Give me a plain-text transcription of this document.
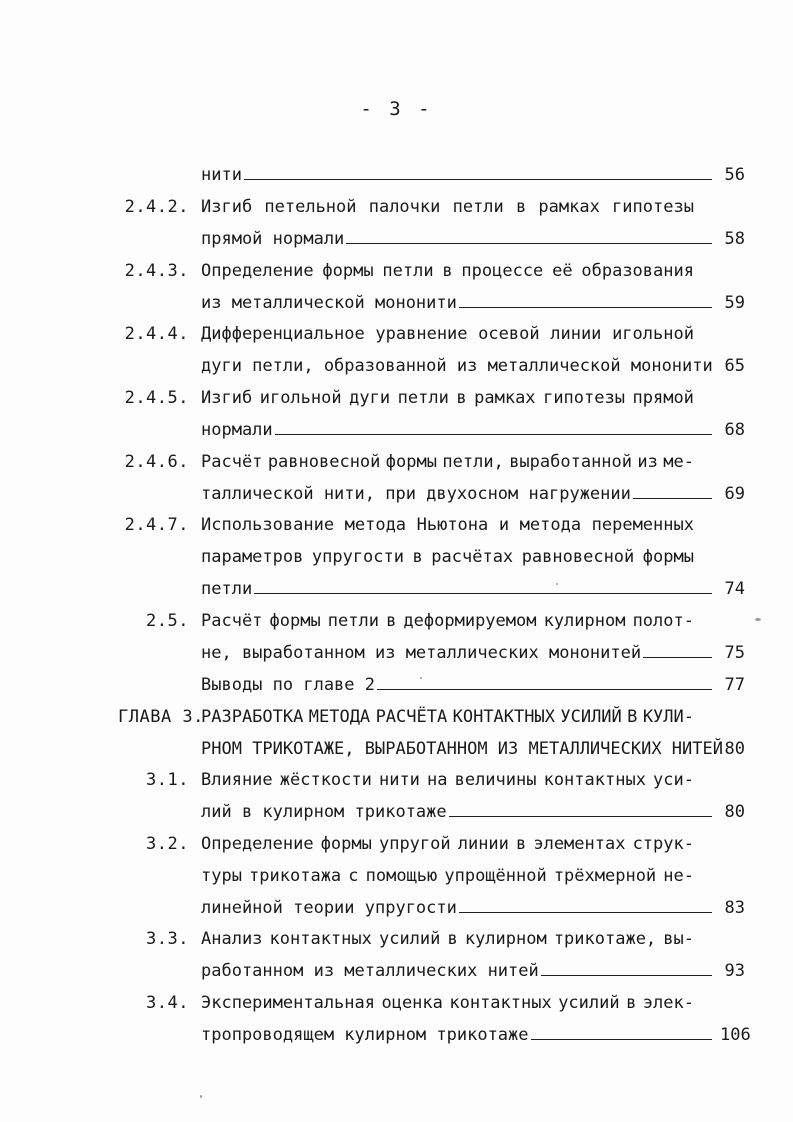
- 3 -
нити	56
2.4.2. Изгиб петельной палочки петли в рамках гипотезы
прямой нормали	58
2.4.3. Определение формы петли в процессе её образования
из металлической мононити	59
2.4.4. Дифференциальное уравнение осевой линии игольной
дуги петли, образованной из металлической мононити 65
2.4.5. Изгиб игольной дуги петли в рамках гипотезы прямой
нормали	68
2.4.6. Расчёт равновесной формы петли, выработанной из ме-
таллической нити, при двухосном нагружении	69
2.4.7. Использование метода Ньютона и метода переменных
параметров упругости в расчётах равновесной формы
петли	74
2.5. Расчёт формы петли в деформируемом кулирном полот-
не, выработанном из металлических мононитей	75
Выводы по главе 2	77
ГЛАВА 3.
РАЗРАБОТКА МЕТОДА РАСЧЁТА КОНТАКТНЫХ УСИЛИЙ В КУЛИ-
РНОМ ТРИКОТАЖЕ, ВЫРАБОТАННОМ ИЗ МЕТАЛЛИЧЕСКИХ НИТЕЙ 80
3.1. Влияние жёсткости нити на величины контактных уси-
лий в кулирном трикотаже	80
3.2. Определение формы упругой линии в элементах струк-
туры трикотажа с помощью упрощённой трёхмерной не-
линейной теории упругости	83
3.3. Анализ контактных усилий в кулирном трикотаже, вы-
работанном из металлических нитей	93
3.4. Экспериментальная оценка контактных усилий в элек-
тропроводящем кулирном трикотаже	106
